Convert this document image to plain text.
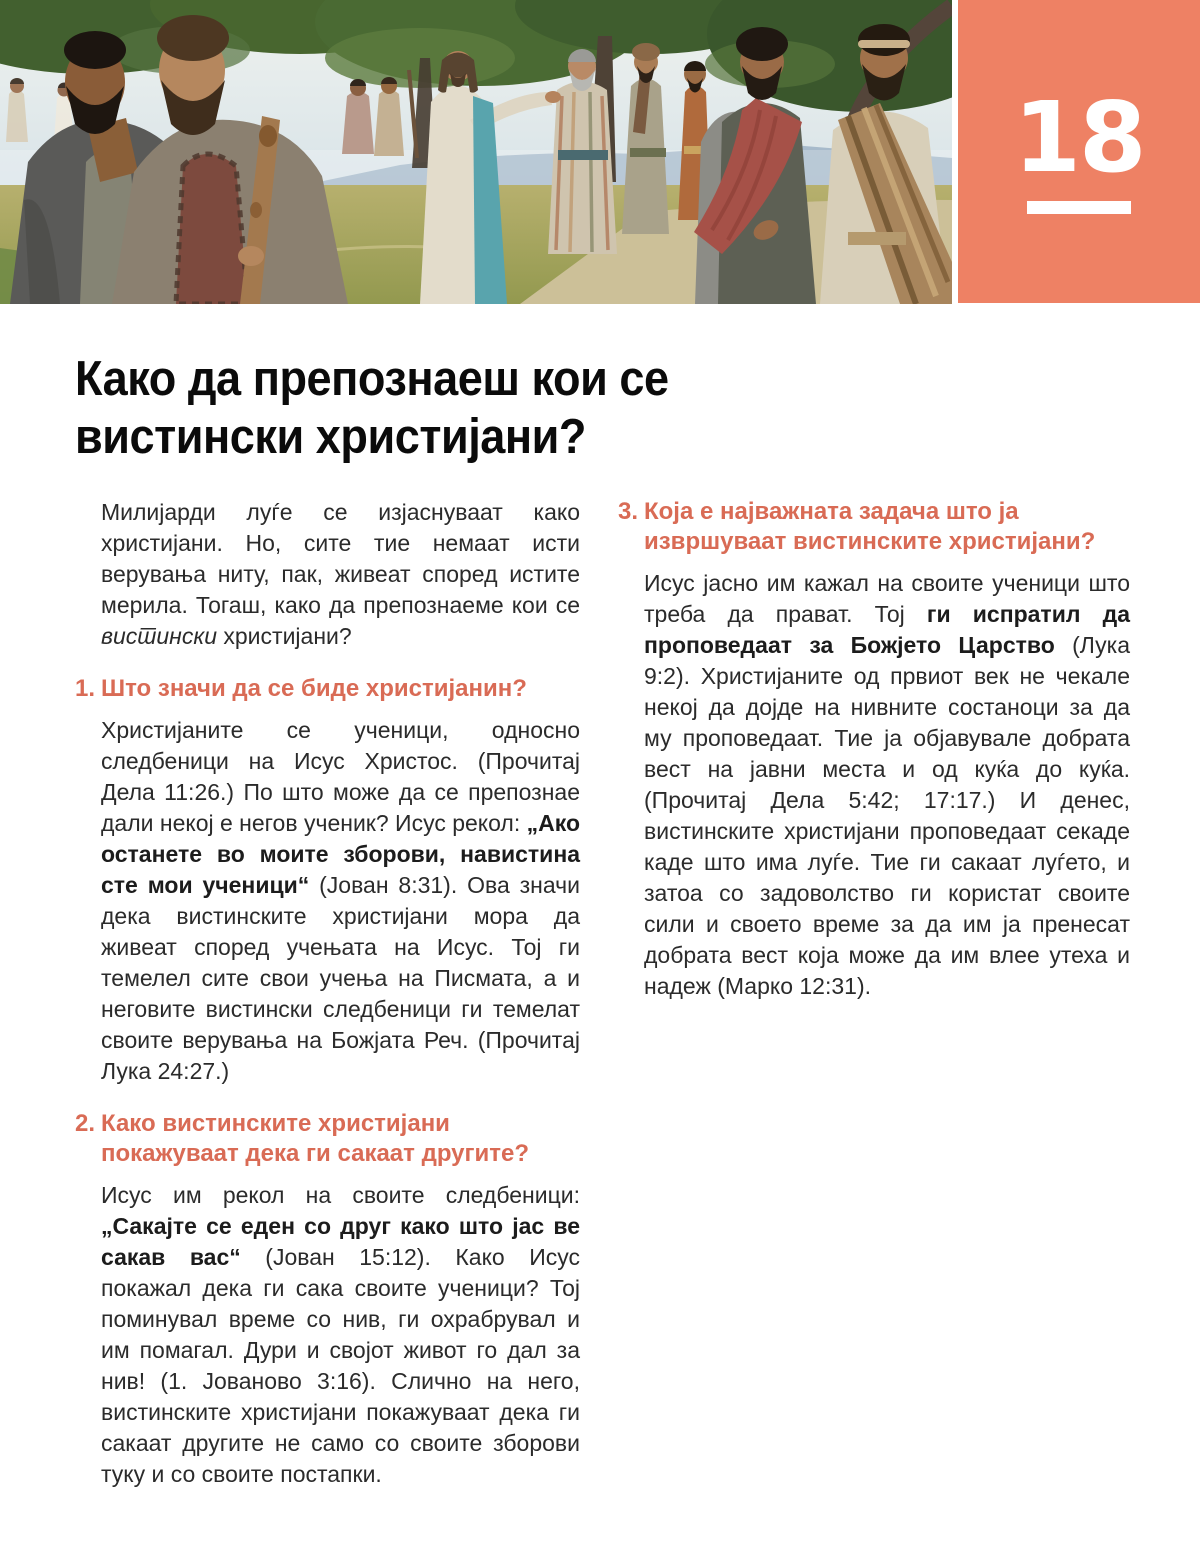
18
Како да препознаеш кои се вистински христијани?

Милијарди луѓе се изјаснуваат како христијани. Но, сите тие немаат исти верувања ниту, пак, живеат според истите мерила. Тогаш, како да препознаеме кои се вистински христијани?

1. Што значи да се биде христијанин?

Христијаните се ученици, односно следбеници на Исус Христос. (Прочитај Дела 11:26.) По што може да се препознае дали некој е негов ученик? Исус рекол: „Ако останете во моите зборови, навистина сте мои ученици“ (Јован 8:31). Ова значи дека вистинските христијани мора да живеат според учењата на Исус. Тој ги темелел сите свои учења на Писмата, а и неговите вистински следбеници ги темелат своите верувања на Божјата Реч. (Прочитај Лука 24:27.)

2. Како вистинските христијани покажуваат дека ги сакаат другите?

Исус им рекол на своите следбеници: „Сакајте се еден со друг како што јас ве сакав вас“ (Јован 15:12). Како Исус покажал дека ги сака своите ученици? Тој поминувал време со нив, ги охрабрувал и им помагал. Дури и својот живот го дал за нив! (1. Јованово 3:16). Слично на него, вистинските христијани покажуваат дека ги сакаат другите не само со своите зборови туку и со своите постапки.

3. Која е најважната задача што ја извршуваат вистинските христијани?

Исус јасно им кажал на своите ученици што треба да прават. Тој ги испратил да проповедаат за Божјето Царство (Лука 9:2). Христијаните од првиот век не чекале некој да дојде на нивните состаноци за да му проповедаат. Тие ја објавувале добрата вест на јавни места и од куќа до куќа. (Прочитај Дела 5:42; 17:17.) И денес, вистинските христијани проповедаат секаде каде што има луѓе. Тие ги сакаат луѓето, и затоа со задоволство ги користат своите сили и своето време за да им ја пренесат добрата вест која може да им влее утеха и надеж (Марко 12:31).
